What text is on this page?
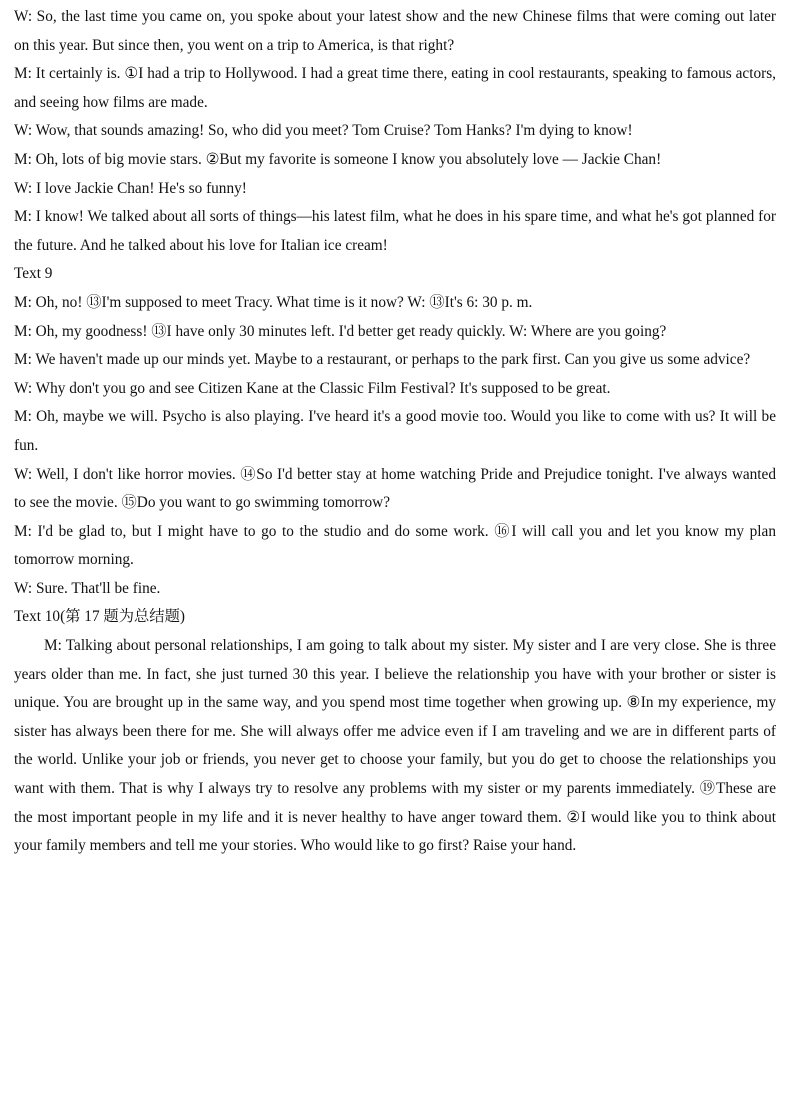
W: So, the last time you came on, you spoke about your latest show and the new Chinese films that were coming out later on this year. But since then, you went on a trip to America, is that right?

M: It certainly is. ①I had a trip to Hollywood. I had a great time there, eating in cool restaurants, speaking to famous actors, and seeing how films are made.

W: Wow, that sounds amazing! So, who did you meet? Tom Cruise? Tom Hanks? I'm dying to know!

M: Oh, lots of big movie stars. ②But my favorite is someone I know you absolutely love — Jackie Chan!

W: I love Jackie Chan! He's so funny!

M: I know! We talked about all sorts of things—his latest film, what he does in his spare time, and what he's got planned for the future. And he talked about his love for Italian ice cream!

Text 9

M: Oh, no! ⑬I'm supposed to meet Tracy. What time is it now? W: ⑬It's 6: 30 p. m.

M: Oh, my goodness! ⑬I have only 30 minutes left. I'd better get ready quickly. W: Where are you going?

M: We haven't made up our minds yet. Maybe to a restaurant, or perhaps to the park first. Can you give us some advice?

W: Why don't you go and see Citizen Kane at the Classic Film Festival? It's supposed to be great.

M: Oh, maybe we will. Psycho is also playing. I've heard it's a good movie too. Would you like to come with us? It will be fun.

W: Well, I don't like horror movies. ⑭So I'd better stay at home watching Pride and Prejudice tonight. I've always wanted to see the movie. ⑮Do you want to go swimming tomorrow?

M: I'd be glad to, but I might have to go to the studio and do some work. ⑯I will call you and let you know my plan tomorrow morning.

W: Sure. That'll be fine.

Text 10(第 17 题为总结题)

M: Talking about personal relationships, I am going to talk about my sister. My sister and I are very close. She is three years older than me. In fact, she just turned 30 this year. I believe the relationship you have with your brother or sister is unique. You are brought up in the same way, and you spend most time together when growing up. ⑧In my experience, my sister has always been there for me. She will always offer me advice even if I am traveling and we are in different parts of the world. Unlike your job or friends, you never get to choose your family, but you do get to choose the relationships you want with them. That is why I always try to resolve any problems with my sister or my parents immediately. ⑲These are the most important people in my life and it is never healthy to have anger toward them. ②I would like you to think about your family members and tell me your stories. Who would like to go first? Raise your hand.
